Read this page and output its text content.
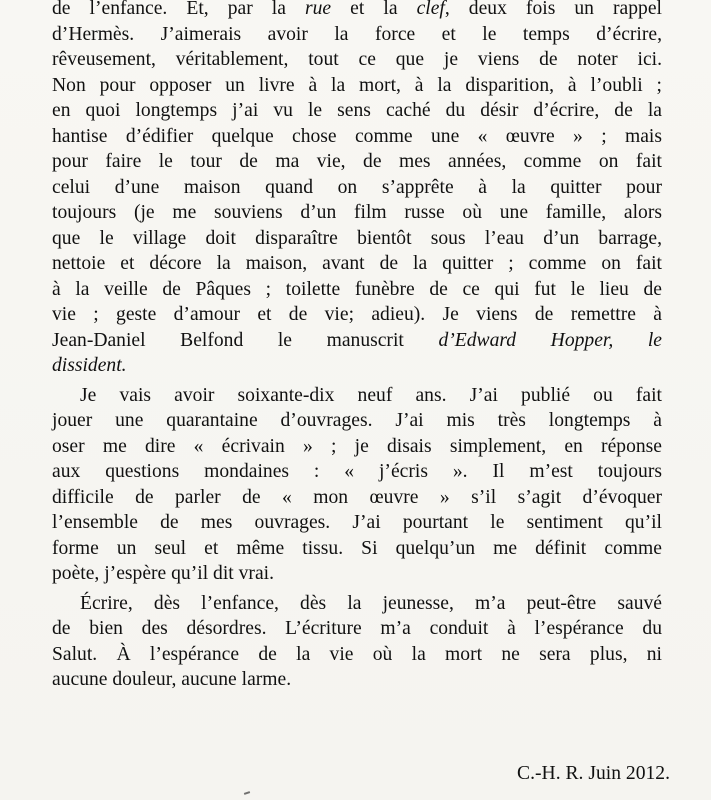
de l’enfance. Et, par la rue et la clef, deux fois un rappel
d’Hermès. J’aimerais avoir la force et le temps d’écrire,
rêveusement, véritablement, tout ce que je viens de noter ici.
Non pour opposer un livre à la mort, à la disparition, à l’oubli ;
en quoi longtemps j’ai vu le sens caché du désir d’écrire, de la
hantise d’édifier quelque chose comme une « œuvre » ; mais
pour faire le tour de ma vie, de mes années, comme on fait
celui d’une maison quand on s’apprête à la quitter pour
toujours (je me souviens d’un film russe où une famille, alors
que le village doit disparaître bientôt sous l’eau d’un barrage,
nettoie et décore la maison, avant de la quitter ; comme on fait
à la veille de Pâques ; toilette funèbre de ce qui fut le lieu de
vie ; geste d’amour et de vie; adieu). Je viens de remettre à
Jean-Daniel Belfond le manuscrit d’Edward Hopper, le
dissident.
Je vais avoir soixante-dix neuf ans. J’ai publié ou fait
jouer une quarantaine d’ouvrages. J’ai mis très longtemps à
oser me dire « écrivain » ; je disais simplement, en réponse
aux questions mondaines : « j’écris ». Il m’est toujours
difficile de parler de « mon œuvre » s’il s’agit d’évoquer
l’ensemble de mes ouvrages. J’ai pourtant le sentiment qu’il
forme un seul et même tissu. Si quelqu’un me définit comme
poète, j’espère qu’il dit vrai.
Écrire, dès l’enfance, dès la jeunesse, m’a peut-être sauvé
de bien des désordres. L’écriture m’a conduit à l’espérance du
Salut. À l’espérance de la vie où la mort ne sera plus, ni
aucune douleur, aucune larme.
C.-H. R. Juin 2012.
